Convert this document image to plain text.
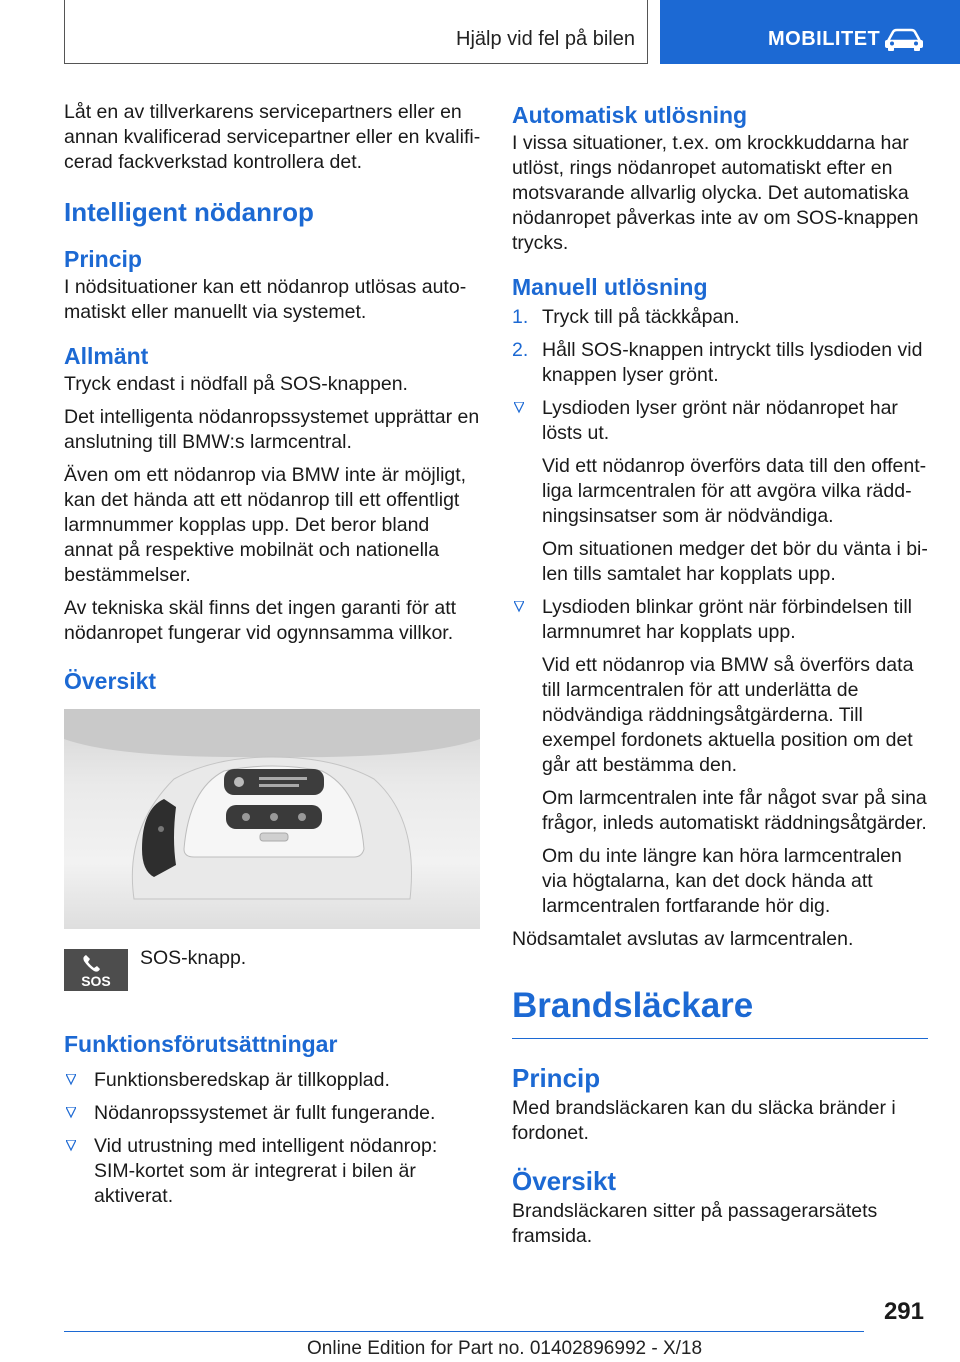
Hjälp vid fel på bilen	MOBILITET

Låt en av tillverkarens servicepartners eller en annan kvalificerad servicepartner eller en kvalificerad fackverkstad kontrollera det.

Intelligent nödanrop
Princip

I nödsituationer kan ett nödanrop utlösas automatiskt eller manuellt via systemet.

Allmänt

Tryck endast i nödfall på SOS-knappen.

Det intelligenta nödanropssystemet upprättar en anslutning till BMW:s larmcentral.

Även om ett nödanrop via BMW inte är möjligt, kan det hända att ett nödanrop till ett offentligt larmnummer kopplas upp. Det beror bland annat på respektive mobilnät och nationella bestämmelser.

Av tekniska skäl finns det ingen garanti för att nödanropet fungerar vid ogynnsamma villkor.

Översikt
SOS
SOS-knapp.
Funktionsförutsättningar
Funktionsberedskap är tillkopplad.
Nödanropssystemet är fullt fungerande.
Vid utrustning med intelligent nödanrop: SIM-kortet som är integrerat i bilen är aktiverat.
Automatisk utlösning

I vissa situationer, t.ex. om krockkuddarna har utlöst, rings nödanropet automatiskt efter en motsvarande allvarlig olycka. Det automatiska nödanropet påverkas inte av om SOS-knappen trycks.

Manuell utlösning
1. Tryck till på täckkåpan.
2. Håll SOS-knappen intryckt tills lysdioden vid knappen lyser grönt.
Lysdioden lyser grönt när nödanropet har lösts ut.
Vid ett nödanrop överförs data till den offentliga larmcentralen för att avgöra vilka räddningsinsatser som är nödvändiga.
Om situationen medger det bör du vänta i bilen tills samtalet har kopplats upp.
Lysdioden blinkar grönt när förbindelsen till larmnumret har kopplats upp.
Vid ett nödanrop via BMW så överförs data till larmcentralen för att underlätta de nödvändiga räddningsåtgärderna. Till exempel fordonets aktuella position om det går att bestämma den.
Om larmcentralen inte får något svar på sina frågor, inleds automatiskt räddningsåtgärder.
Om du inte längre kan höra larmcentralen via högtalarna, kan det dock hända att larmcentralen fortfarande hör dig.

Nödsamtalet avslutas av larmcentralen.

Brandsläckare
Princip

Med brandsläckaren kan du släcka bränder i fordonet.

Översikt

Brandsläckaren sitter på passagerarsätets framsida.

291
Online Edition for Part no. 01402896992 - X/18
